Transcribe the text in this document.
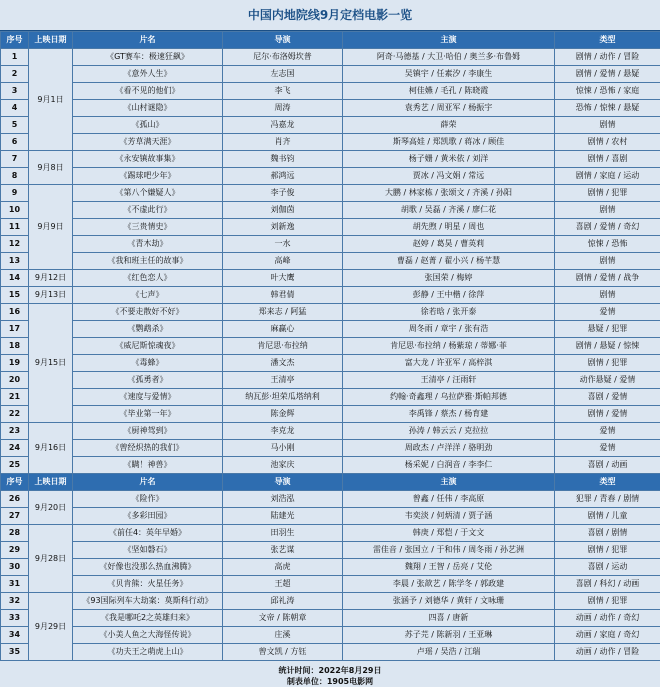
中国内地院线9月定档电影一览
序号	上映日期	片名	导演	主演	类型
1	9月1日	《GT赛车：极速狂飙》	尼尔·布洛姆坎普	阿奇·马德基 / 大卫·哈伯 / 奥兰多·布鲁姆	剧情 / 动作 / 冒险
2		《意外人生》	左志国	吴镇宇 / 任素汐 / 李康生	剧情 / 爱情 / 悬疑
3		《看不见的他们》	李飞	柯佳嬿 / 毛孔 / 陈晓霞	惊悚 / 恐怖 / 家庭
4		《山村谜隐》	周涛	袁秀艺 / 周亚军 / 杨振宇	恐怖 / 惊悚 / 悬疑
5		《孤山》	冯嘉龙	薛荣	剧情
6		《芳草满天涯》	肖齐	斯琴高娃 / 郑凯歌 / 蒋冰 / 顾佳	剧情 / 农村
7	9月8日	《永安镇故事集》	魏书钧	杨子姗 / 黄米依 / 刘洋	剧情 / 喜剧
8		《踢球吧少年》	郝鸿远	贾冰 / 冯文娟 / 常远	剧情 / 家庭 / 运动
9	9月9日	《第八个嫌疑人》	李子俊	大鹏 / 林家栋 / 张颂文 / 齐溪 / 孙阳	剧情 / 犯罪
10		《不虚此行》	刘伽茵	胡歌 / 吴磊 / 齐溪 / 廖仁花	剧情
11		《三贵情史》	刘新逸	胡先煦 / 明星 / 周也	喜剧 / 爱情 / 奇幻
12		《青木劫》	一水	赵婷 / 葛昊 / 曹英莉	惊悚 / 恐怖
13		《我和班主任的故事》	高峰	曹磊 / 赵菁 / 翟小兴 / 杨芊慧	剧情
14	9月12日	《红色恋人》	叶大鹰	张国荣 / 梅婷	剧情 / 爱情 / 战争
15	9月13日	《七声》	韩君倩	彭静 / 王中楷 / 徐萍	剧情
16	9月15日	《不要走散好不好》	郑来志 / 阿猛	徐若晗 / 张开泰	爱情
17		《鹦鹉杀》	麻赢心	周冬雨 / 章宇 / 张有浩	悬疑 / 犯罪
18		《威尼斯惊魂夜》	肯尼思·布拉纳	肯尼思·布拉纳 / 杨紫琼 / 蒂娜·菲	剧情 / 悬疑 / 惊悚
19		《毒蜂》	潘文杰	富大龙 / 许亚军 / 高梓淇	剧情 / 犯罪
20		《孤勇者》	王清亭	王清亭 / 汪雨轩	动作悬疑 / 爱情
21		《速度与爱情》	纳瓦彭·坦荣瓜塔纳利	约翰·奇鑫理 / 乌拉萨雅·斯帕邦德	喜剧 / 爱情
22		《毕业第一年》	陈金辉	李禹锋 / 蔡杰 / 杨育建	剧情 / 爱情
23	9月16日	《厨神驾到》	李克龙	孙涛 / 韩云云 / 克拉拉	爱情
24		《曾经炽热的我们》	马小刚	周政杰 / 卢洋洋 / 骆明劲	爱情
25		《瞒！神兽》	池家庆	杨采妮 / 白润音 / 李李仁	喜剧 / 动画
序号	上映日期	片名	导演	主演	类型
26	9月20日	《险作》	刘浩泓	曾鑫 / 任伟 / 李高原	犯罪 / 青春 / 剧情
27		《多彩田园》	陆建光	韦奕淡 / 何炳清 / 贾子涵	剧情 / 儿童
28	9月28日	《前任4：英年早婚》	田羽生	韩庚 / 郑恺 / 于文文	喜剧 / 剧情
29		《坚如磐石》	张艺谋	雷佳音 / 张国立 / 于和伟 / 周冬雨 / 孙艺洲	剧情 / 犯罪
30		《好像也没那么热血沸腾》	高虎	魏翔 / 王智 / 岳亮 / 艾伦	喜剧 / 运动
31		《贝肯熊：火星任务》	王超	李晨 / 张歆艺 / 陈学冬 / 郭政建	喜剧 / 科幻 / 动画
32	9月29日	《93国际列车大劫案：莫斯科行动》	邱礼涛	张涵予 / 刘德华 / 黄轩 / 文咏珊	剧情 / 犯罪
33		《我是哪吒2之英雄归来》	文帝 / 陈朝章	四喜 / 唐新	动画 / 动作 / 奇幻
34		《小美人鱼之大海怪传说》	庄溪	苏子芫 / 陈新羽 / 王亚琳	动画 / 家庭 / 奇幻
35		《功夫王之萌虎上山》	曾文凯 / 方钰	卢瑶 / 吴浩 / 江瑞	动画 / 动作 / 冒险
统计时间：2022年8月29日
制表单位：1905电影网
